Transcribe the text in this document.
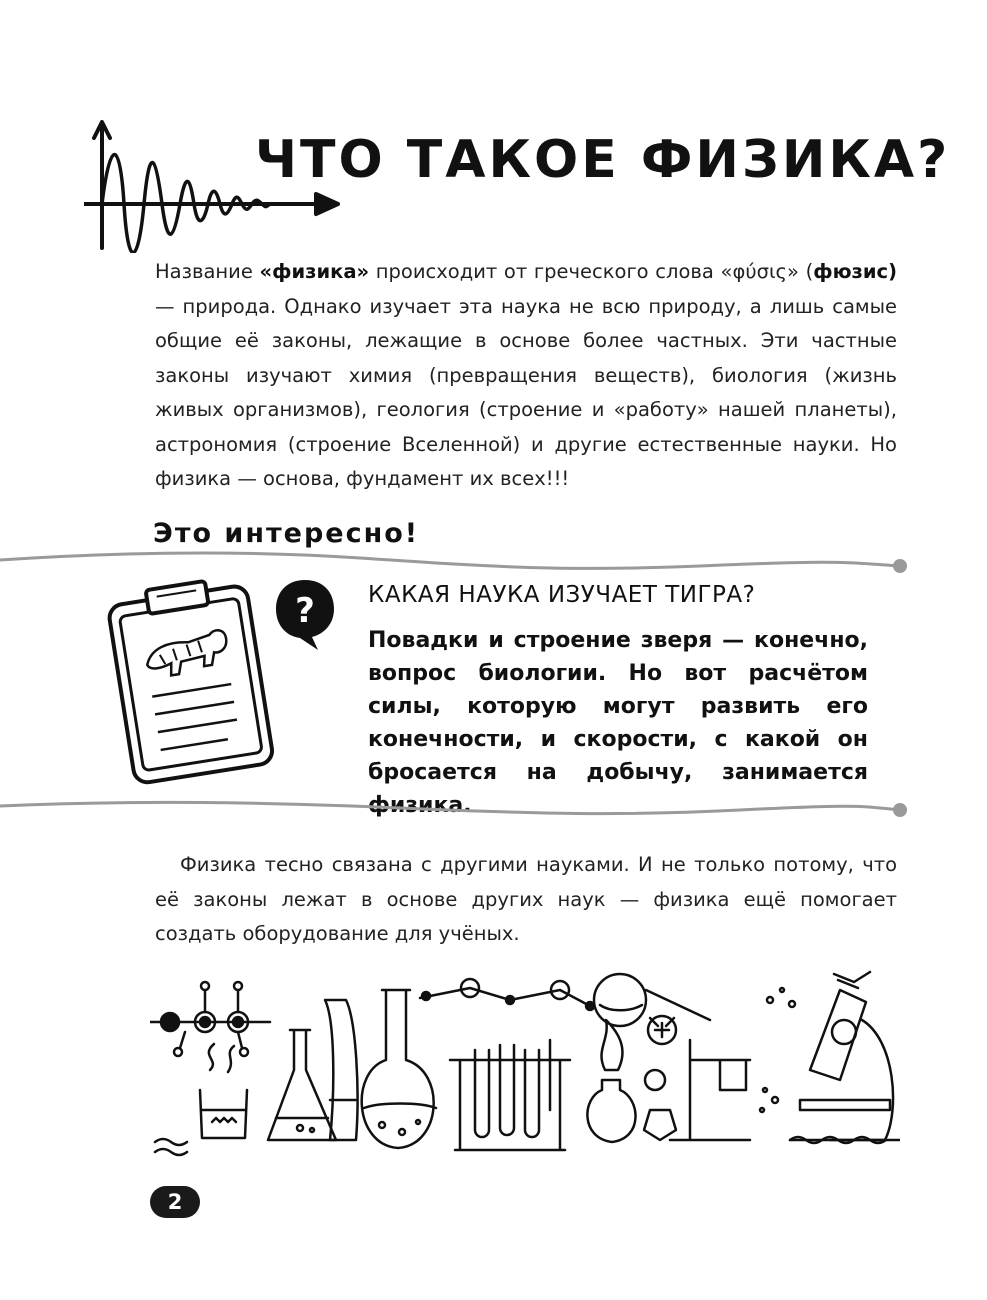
ЧТО ТАКОЕ ФИЗИКА?
Название «физика» происходит от греческого слова «φύσις» (фюзис) — природа. Однако изучает эта наука не всю природу, а лишь самые общие её законы, лежащие в основе более частных. Эти частные законы изучают химия (превращения веществ), биология (жизнь живых организмов), геология (строение и «работу» нашей планеты), астрономия (строение Вселенной) и другие естественные науки. Но физика — основа, фундамент их всех!!!
Это интересно!
? КАКАЯ НАУКА ИЗУЧАЕТ ТИГРА?
Повадки и строение зверя — конечно, вопрос биологии. Но вот расчётом силы, которую могут развить его конечности, и скорости, с какой он бросается на добычу, занимается физика.
Физика тесно связана с другими науками. И не только потому, что её законы лежат в основе других наук — физика ещё помогает создать оборудование для учёных.
2
